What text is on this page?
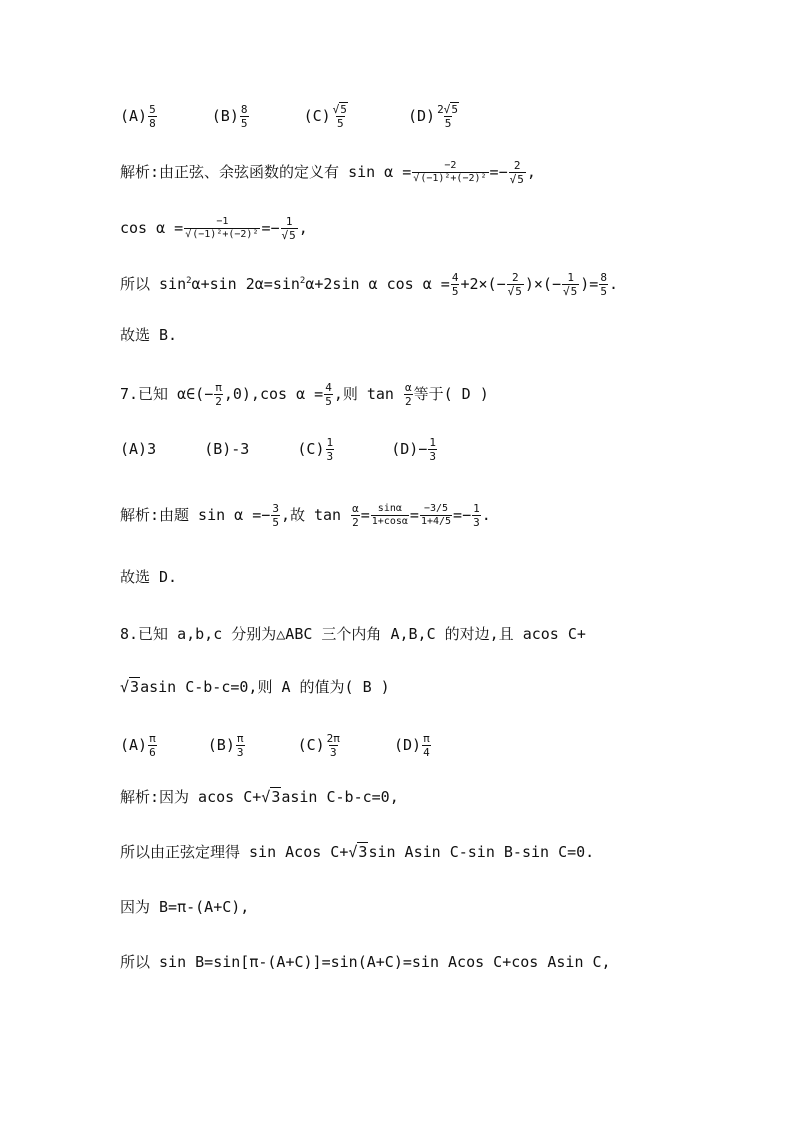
$(A) \frac{5}{8}$	$(B) \frac{8}{5}$	$(C) \frac{√5}{5}$	$(D) \frac{2√5}{5}$
解析:由正弦、余弦函数的定义有 $\sin \alpha = \frac{-2}{\text{√(−1)²+(−2)²}} =- \frac{2}{√5}$ ,
$\cos \alpha = \frac{-1}{\text{√(−1)²+(−2)²}} =- \frac{1}{√5}$ ,
所以 $\sin^2\alpha+\sin$ $2\alpha=\sin^2\alpha+2\sin$ α $\cos \alpha = \frac{4}{5} +2\times(- \frac{2}{√5}$ )×(− $\frac{1}{√5}$ )= $\frac{8}{5}$ .
故选 B.
7.已知 α∈(− $\frac{\pi}{2} ,0),\cos$ $\alpha = \frac{4}{5}$ ,则 $\tan \frac{\alpha}{2}$ 等于( D )
(A)3	(B)-3	$(C) \frac{1}{3}$	$(D)- \frac{1}{3}$
解析:由题 $\sin \alpha =- \frac{3}{5}$ ,故 $\tan \frac{\alpha}{2} = \frac{\sin\alpha}{1+\cos\alpha} = \frac{-3/5}{1+4/5} =- \frac{1}{3}$ .
故选 D.
8.已知 a,b,c 分别为△ABC 三个内角 A,B,C 的对边,且 acos C+
√3asin C-b-c=0,则 A 的值为( B )
$(A) \frac{\pi}{6}$	$(B) \frac{\pi}{3}$	$(C) \frac{2\pi}{3}$	$(D) \frac{\pi}{4}$
解析:因为 acos C+√3asin C-b-c=0,
所以由正弦定理得 sin Acos C+√3sin Asin C-sin B-sin C=0.
因为 B=π-(A+C),
所以 sin B=sin[π-(A+C)]=sin(A+C)=sin Acos C+cos Asin C,
